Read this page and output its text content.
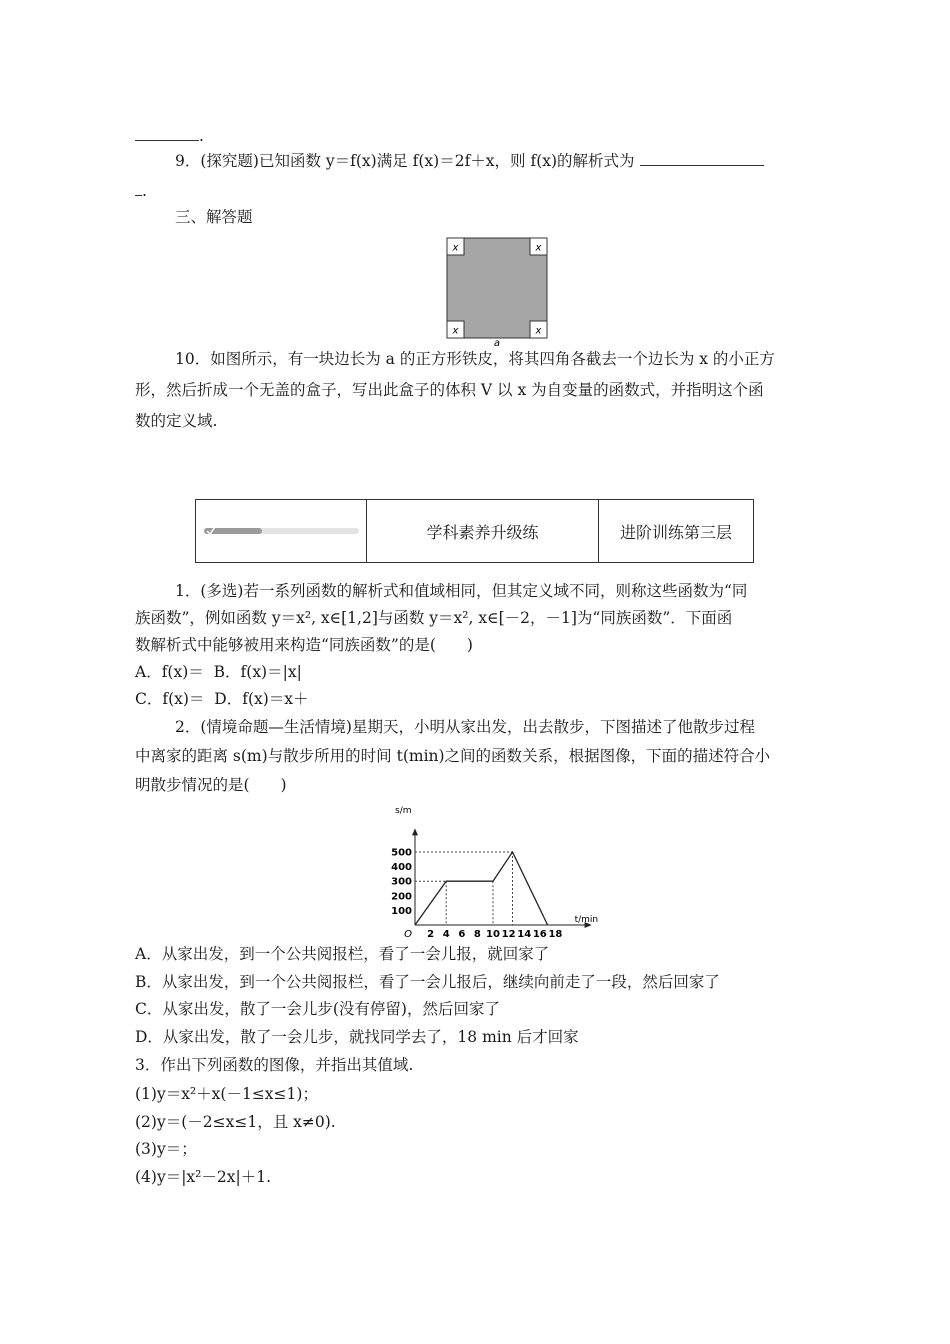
.
9．(探究题)已知函数 y＝f(x)满足 f(x)＝2f＋x，则 f(x)的解析式为
.
三、解答题
x	x
x	x
a
10．如图所示，有一块边长为 a 的正方形铁皮，将其四角各截去一个边长为 x 的小正方
形，然后折成一个无盖的盒子，写出此盒子的体积 V 以 x 为自变量的函数式，并指明这个函
数的定义域.
学科素养升级练	进阶训练第三层
1．(多选)若一系列函数的解析式和值域相同，但其定义域不同，则称这些函数为“同
族函数”，例如函数 y＝x², x∈[1,2]与函数 y＝x², x∈[－2，－1]为“同族函数”．下面函
数解析式中能够被用来构造“同族函数”的是(　　)
A．f(x)＝ B．f(x)＝|x|
C．f(x)＝ D．f(x)＝x＋
2．(情境命题—生活情境)星期天，小明从家出发，出去散步，下图描述了他散步过程
中离家的距离 s(m)与散步所用的时间 t(min)之间的函数关系，根据图像，下面的描述符合小
明散步情况的是(　　)
2 4 6 8 10 12 14 16 18
100
200
300
400
500
O
t/min
s/m
A．从家出发，到一个公共阅报栏，看了一会儿报，就回家了
B．从家出发，到一个公共阅报栏，看了一会儿报后，继续向前走了一段，然后回家了
C．从家出发，散了一会儿步(没有停留)，然后回家了
D．从家出发，散了一会儿步，就找同学去了，18 min 后才回家
3．作出下列函数的图像，并指出其值域.
(1)y＝x²＋x(－1≤x≤1)；
(2)y＝(－2≤x≤1，且 x≠0).
(3)y＝；
(4)y＝|x²－2x|＋1.
